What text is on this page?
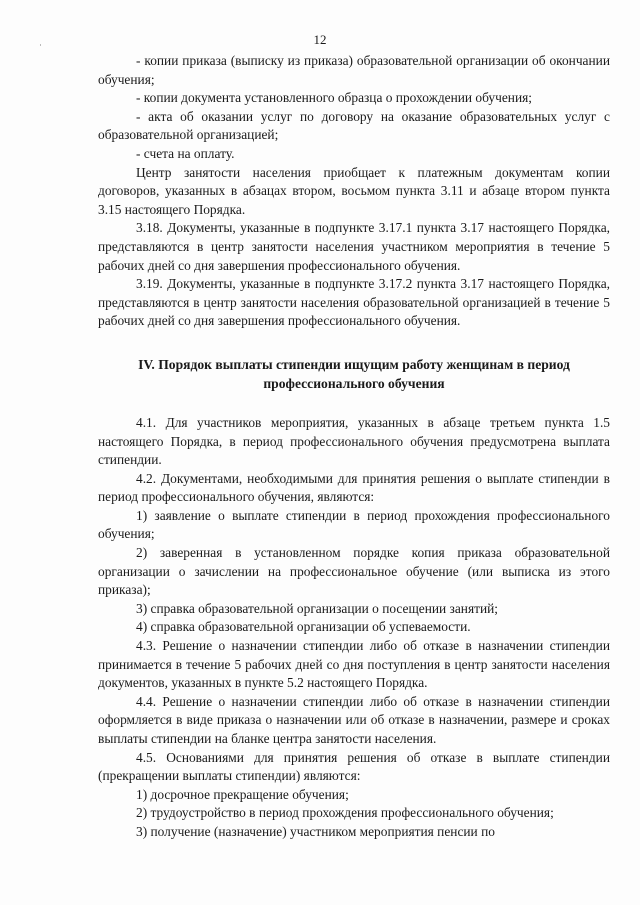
12

- копии приказа (выписку из приказа) образовательной организации об окончании обучения;

- копии документа установленного образца о прохождении обучения;

- акта об оказании услуг по договору на оказание образовательных услуг с образовательной организацией;

- счета на оплату.

Центр занятости населения приобщает к платежным документам копии договоров, указанных в абзацах втором, восьмом пункта 3.11 и абзаце втором пункта 3.15 настоящего Порядка.

3.18. Документы, указанные в подпункте 3.17.1 пункта 3.17 настоящего Порядка, представляются в центр занятости населения участником мероприятия в течение 5 рабочих дней со дня завершения профессионального обучения.

3.19. Документы, указанные в подпункте 3.17.2 пункта 3.17 настоящего Порядка, представляются в центр занятости населения образовательной организацией в течение 5 рабочих дней со дня завершения профессионального обучения.

IV. Порядок выплаты стипендии ищущим работу женщинам в период профессионального обучения

4.1. Для участников мероприятия, указанных в абзаце третьем пункта 1.5 настоящего Порядка, в период профессионального обучения предусмотрена выплата стипендии.

4.2. Документами, необходимыми для принятия решения о выплате стипендии в период профессионального обучения, являются:

1) заявление о выплате стипендии в период прохождения профессионального обучения;

2) заверенная в установленном порядке копия приказа образовательной организации о зачислении на профессиональное обучение (или выписка из этого приказа);

3) справка образовательной организации о посещении занятий;

4) справка образовательной организации об успеваемости.

4.3. Решение о назначении стипендии либо об отказе в назначении стипендии принимается в течение 5 рабочих дней со дня поступления в центр занятости населения документов, указанных в пункте 5.2 настоящего Порядка.

4.4. Решение о назначении стипендии либо об отказе в назначении стипендии оформляется в виде приказа о назначении или об отказе в назначении, размере и сроках выплаты стипендии на бланке центра занятости населения.

4.5. Основаниями для принятия решения об отказе в выплате стипендии (прекращении выплаты стипендии) являются:

1) досрочное прекращение обучения;

2) трудоустройство в период прохождения профессионального обучения;

3) получение (назначение) участником мероприятия пенсии по
